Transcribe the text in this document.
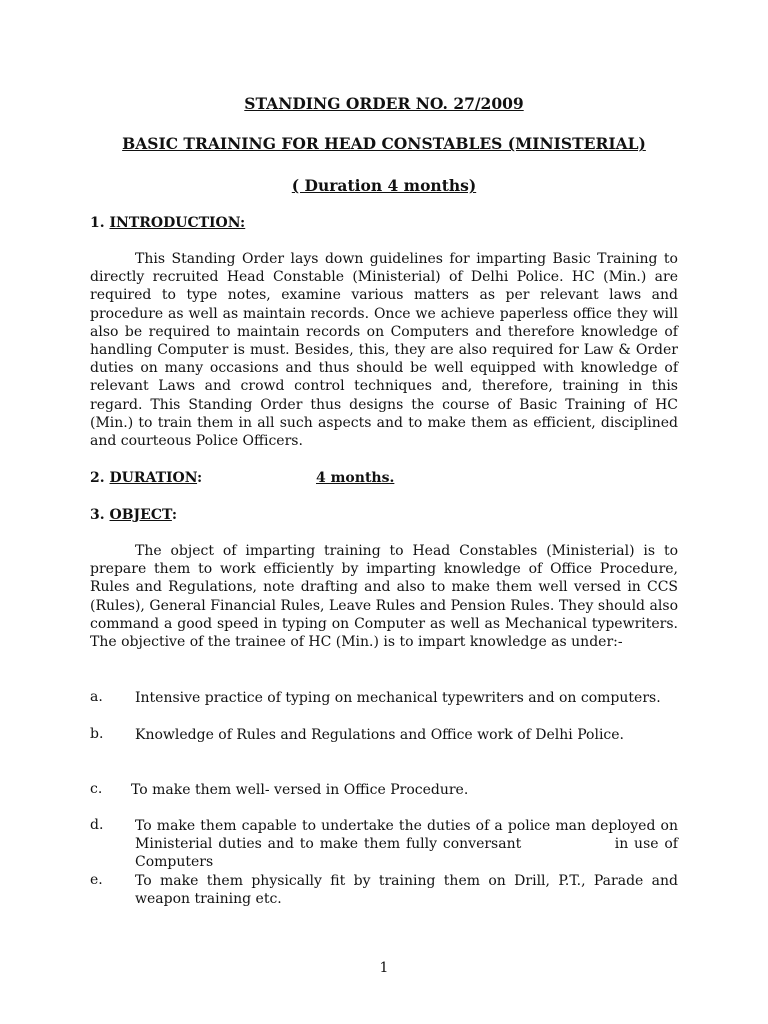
STANDING ORDER NO. 27/2009
BASIC TRAINING FOR HEAD CONSTABLES (MINISTERIAL)
( Duration 4 months)
1. INTRODUCTION:
This Standing Order lays down guidelines for imparting Basic Training to directly recruited Head Constable (Ministerial) of Delhi Police. HC (Min.) are required to type notes, examine various matters as per relevant laws and procedure as well as maintain records. Once we achieve paperless office they will also be required to maintain records on Computers and therefore knowledge of handling Computer is must. Besides, this, they are also required for Law & Order duties on many occasions and thus should be well equipped with knowledge of relevant Laws and crowd control techniques and, therefore, training in this regard. This Standing Order thus designs the course of Basic Training of HC (Min.) to train them in all such aspects and to make them as efficient, disciplined and courteous Police Officers.
2. DURATION:	4 months.
3. OBJECT:
The object of imparting training to Head Constables (Ministerial) is to prepare them to work efficiently by imparting knowledge of Office Procedure, Rules and Regulations, note drafting and also to make them well versed in CCS (Rules), General Financial Rules, Leave Rules and Pension Rules. They should also command a good speed in typing on Computer as well as Mechanical typewriters. The objective of the trainee of HC (Min.) is to impart knowledge as under:-
a. Intensive practice of typing on mechanical typewriters and on computers.
b. Knowledge of Rules and Regulations and Office work of Delhi Police.
c. To make them well- versed in Office Procedure.
d. To make them capable to undertake the duties of a police man deployed on Ministerial duties and to make them fully conversant                in use of Computers
e. To make them physically fit by training them on Drill, P.T., Parade and weapon training etc.
1
